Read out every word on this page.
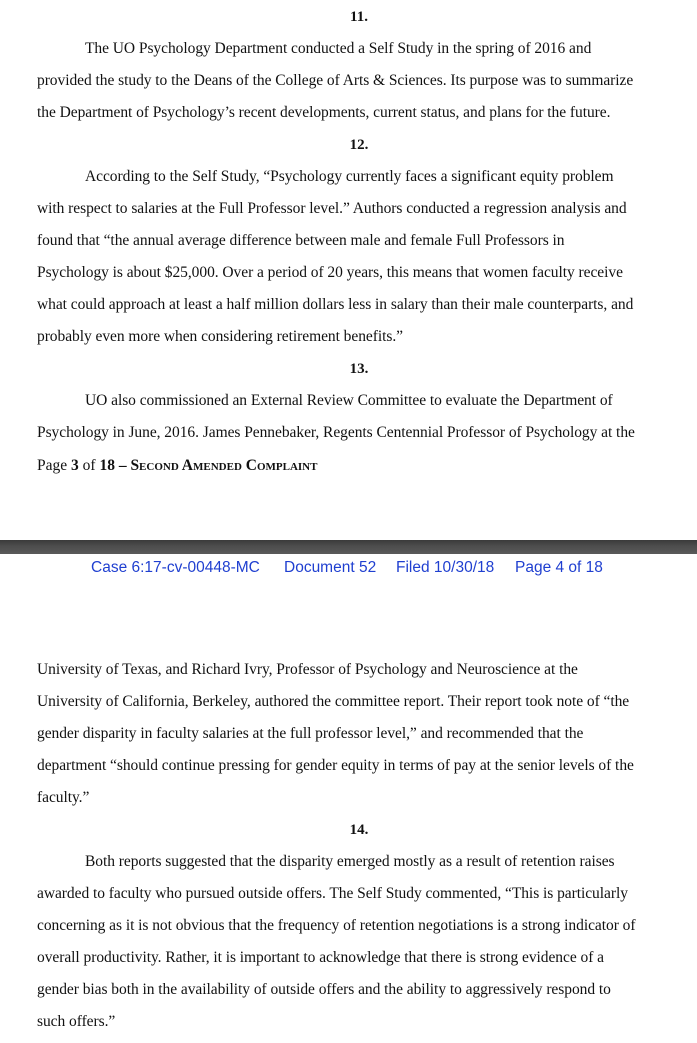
11.
The UO Psychology Department conducted a Self Study in the spring of 2016 and
provided the study to the Deans of the College of Arts & Sciences. Its purpose was to summarize
the Department of Psychology’s recent developments, current status, and plans for the future.
12.
According to the Self Study, “Psychology currently faces a significant equity problem
with respect to salaries at the Full Professor level.” Authors conducted a regression analysis and
found that “the annual average difference between male and female Full Professors in
Psychology is about $25,000. Over a period of 20 years, this means that women faculty receive
what could approach at least a half million dollars less in salary than their male counterparts, and
probably even more when considering retirement benefits.”
13.
UO also commissioned an External Review Committee to evaluate the Department of
Psychology in June, 2016. James Pennebaker, Regents Centennial Professor of Psychology at the
Page 3 of 18 – Second Amended Complaint
Case 6:17-cv-00448-MC Document 52 Filed 10/30/18 Page 4 of 18
University of Texas, and Richard Ivry, Professor of Psychology and Neuroscience at the
University of California, Berkeley, authored the committee report. Their report took note of “the
gender disparity in faculty salaries at the full professor level,” and recommended that the
department “should continue pressing for gender equity in terms of pay at the senior levels of the
faculty.”
14.
Both reports suggested that the disparity emerged mostly as a result of retention raises
awarded to faculty who pursued outside offers. The Self Study commented, “This is particularly
concerning as it is not obvious that the frequency of retention negotiations is a strong indicator of
overall productivity. Rather, it is important to acknowledge that there is strong evidence of a
gender bias both in the availability of outside offers and the ability to aggressively respond to
such offers.”
